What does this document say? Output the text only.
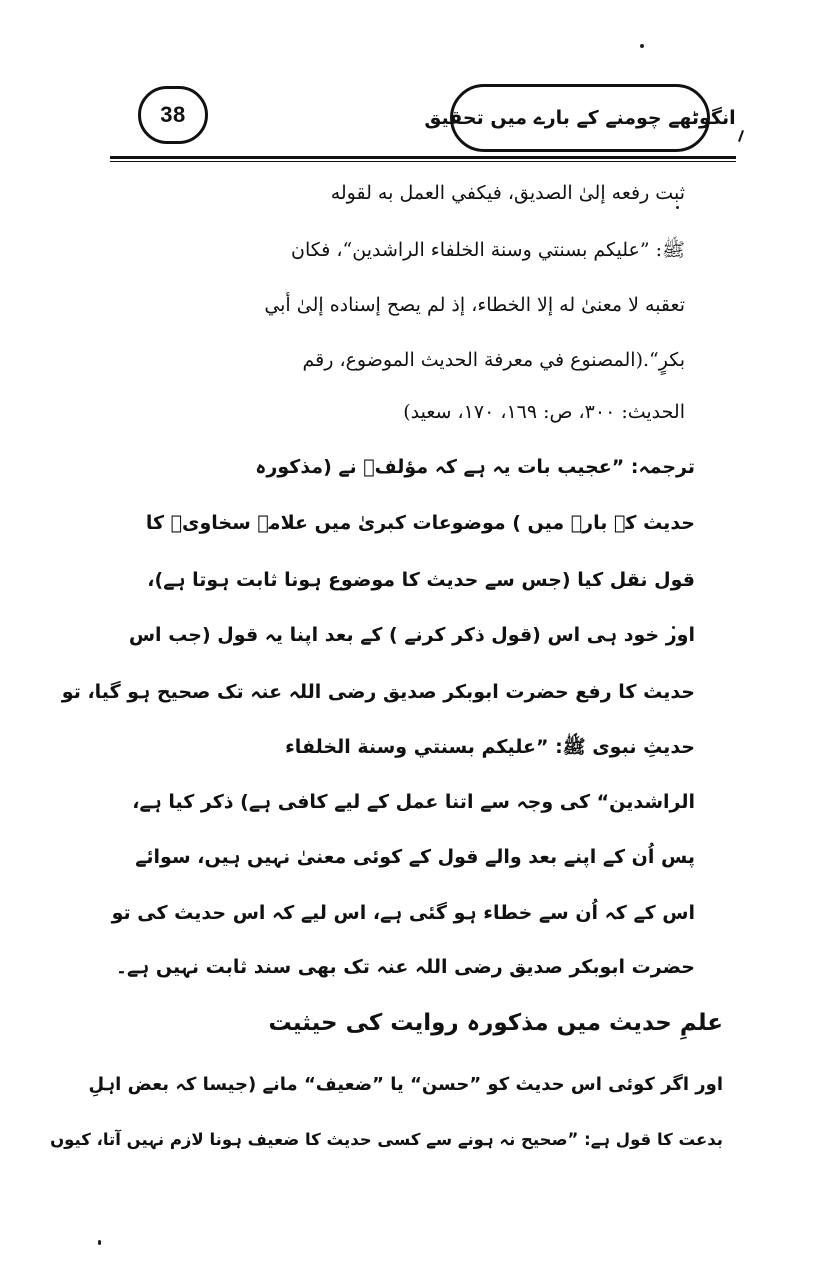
38	انگوٹھے چومنے کے بارے میں تحقیق
ثبت رفعه إلىٰ الصديق، فيكفي العمل به لقوله
ﷺ: ”عليكم بسنتي وسنة الخلفاء الراشدين“، فكان
تعقبه لا معنىٰ له إلا الخطاء، إذ لم يصح إسناده إلىٰ أبي
بكرٍ“.(المصنوع في معرفة الحديث الموضوع، رقم
الحديث: ٣٠٠، ص: ١٦٩، ١٧٠، سعيد)
ترجمہ: ”عجیب بات یہ ہے کہ مؤلفؒ نے (مذکورہ
حدیث کے بارے میں ) موضوعات کبریٰ میں علامہ سخاویؒ کا
قول نقل کیا (جس سے حدیث کا موضوع ہونا ثابت ہوتا ہے)،
اور خود ہی اس (قول ذکر کرنے ) کے بعد اپنا یہ قول (جب اس
حدیث کا رفع حضرت ابوبکر صدیق رضی اللہ عنہ تک صحیح ہو گیا، تو
حدیثِ نبوی ﷺ: ”عليكم بسنتي وسنة الخلفاء
الراشدين“ کی وجہ سے اتنا عمل کے لیے کافی ہے) ذکر کیا ہے،
پس اُن کے اپنے بعد والے قول کے کوئی معنیٰ نہیں ہیں، سوائے
اس کے کہ اُن سے خطاء ہو گئی ہے، اس لیے کہ اس حدیث کی تو
حضرت ابوبکر صدیق رضی اللہ عنہ تک بھی سند ثابت نہیں ہے۔
علمِ حدیث میں مذکورہ روایت کی حیثیت
اور اگر کوئی اس حدیث کو ”حسن“ یا ”ضعیف“ مانے (جیسا کہ بعض اہلِ
بدعت کا قول ہے: ”صحیح نہ ہونے سے کسی حدیث کا ضعیف ہونا لازم نہیں آتا، کیوں
